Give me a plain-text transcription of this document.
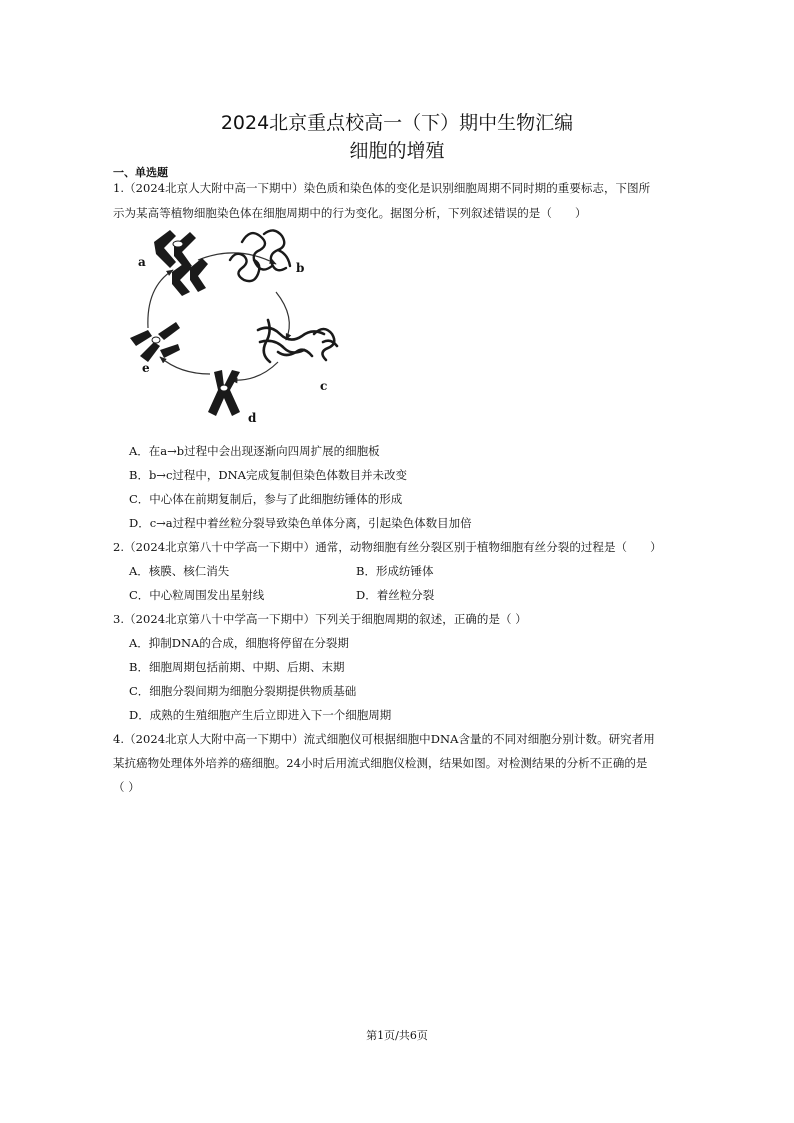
2024北京重点校高一（下）期中生物汇编
细胞的增殖
一、单选题
1.（2024北京人大附中高一下期中）染色质和染色体的变化是识别细胞周期不同时期的重要标志，下图所
示为某高等植物细胞染色体在细胞周期中的行为变化。据图分析，下列叙述错误的是（　　）
a	b
c
d
e
A．在a→b过程中会出现逐渐向四周扩展的细胞板
B．b→c过程中，DNA完成复制但染色体数目并未改变
C．中心体在前期复制后，参与了此细胞纺锤体的形成
D．c→a过程中着丝粒分裂导致染色单体分离，引起染色体数目加倍
2.（2024北京第八十中学高一下期中）通常，动物细胞有丝分裂区别于植物细胞有丝分裂的过程是（　　）
A．核膜、核仁消失	B．形成纺锤体
C．中心粒周围发出星射线	D．着丝粒分裂
3.（2024北京第八十中学高一下期中）下列关于细胞周期的叙述，正确的是（ ）
A．抑制DNA的合成，细胞将停留在分裂期
B．细胞周期包括前期、中期、后期、末期
C．细胞分裂间期为细胞分裂期提供物质基础
D．成熟的生殖细胞产生后立即进入下一个细胞周期
4.（2024北京人大附中高一下期中）流式细胞仪可根据细胞中DNA含量的不同对细胞分别计数。研究者用
某抗癌物处理体外培养的癌细胞。24小时后用流式细胞仪检测，结果如图。对检测结果的分析不正确的是
（ ）
第1页/共6页
